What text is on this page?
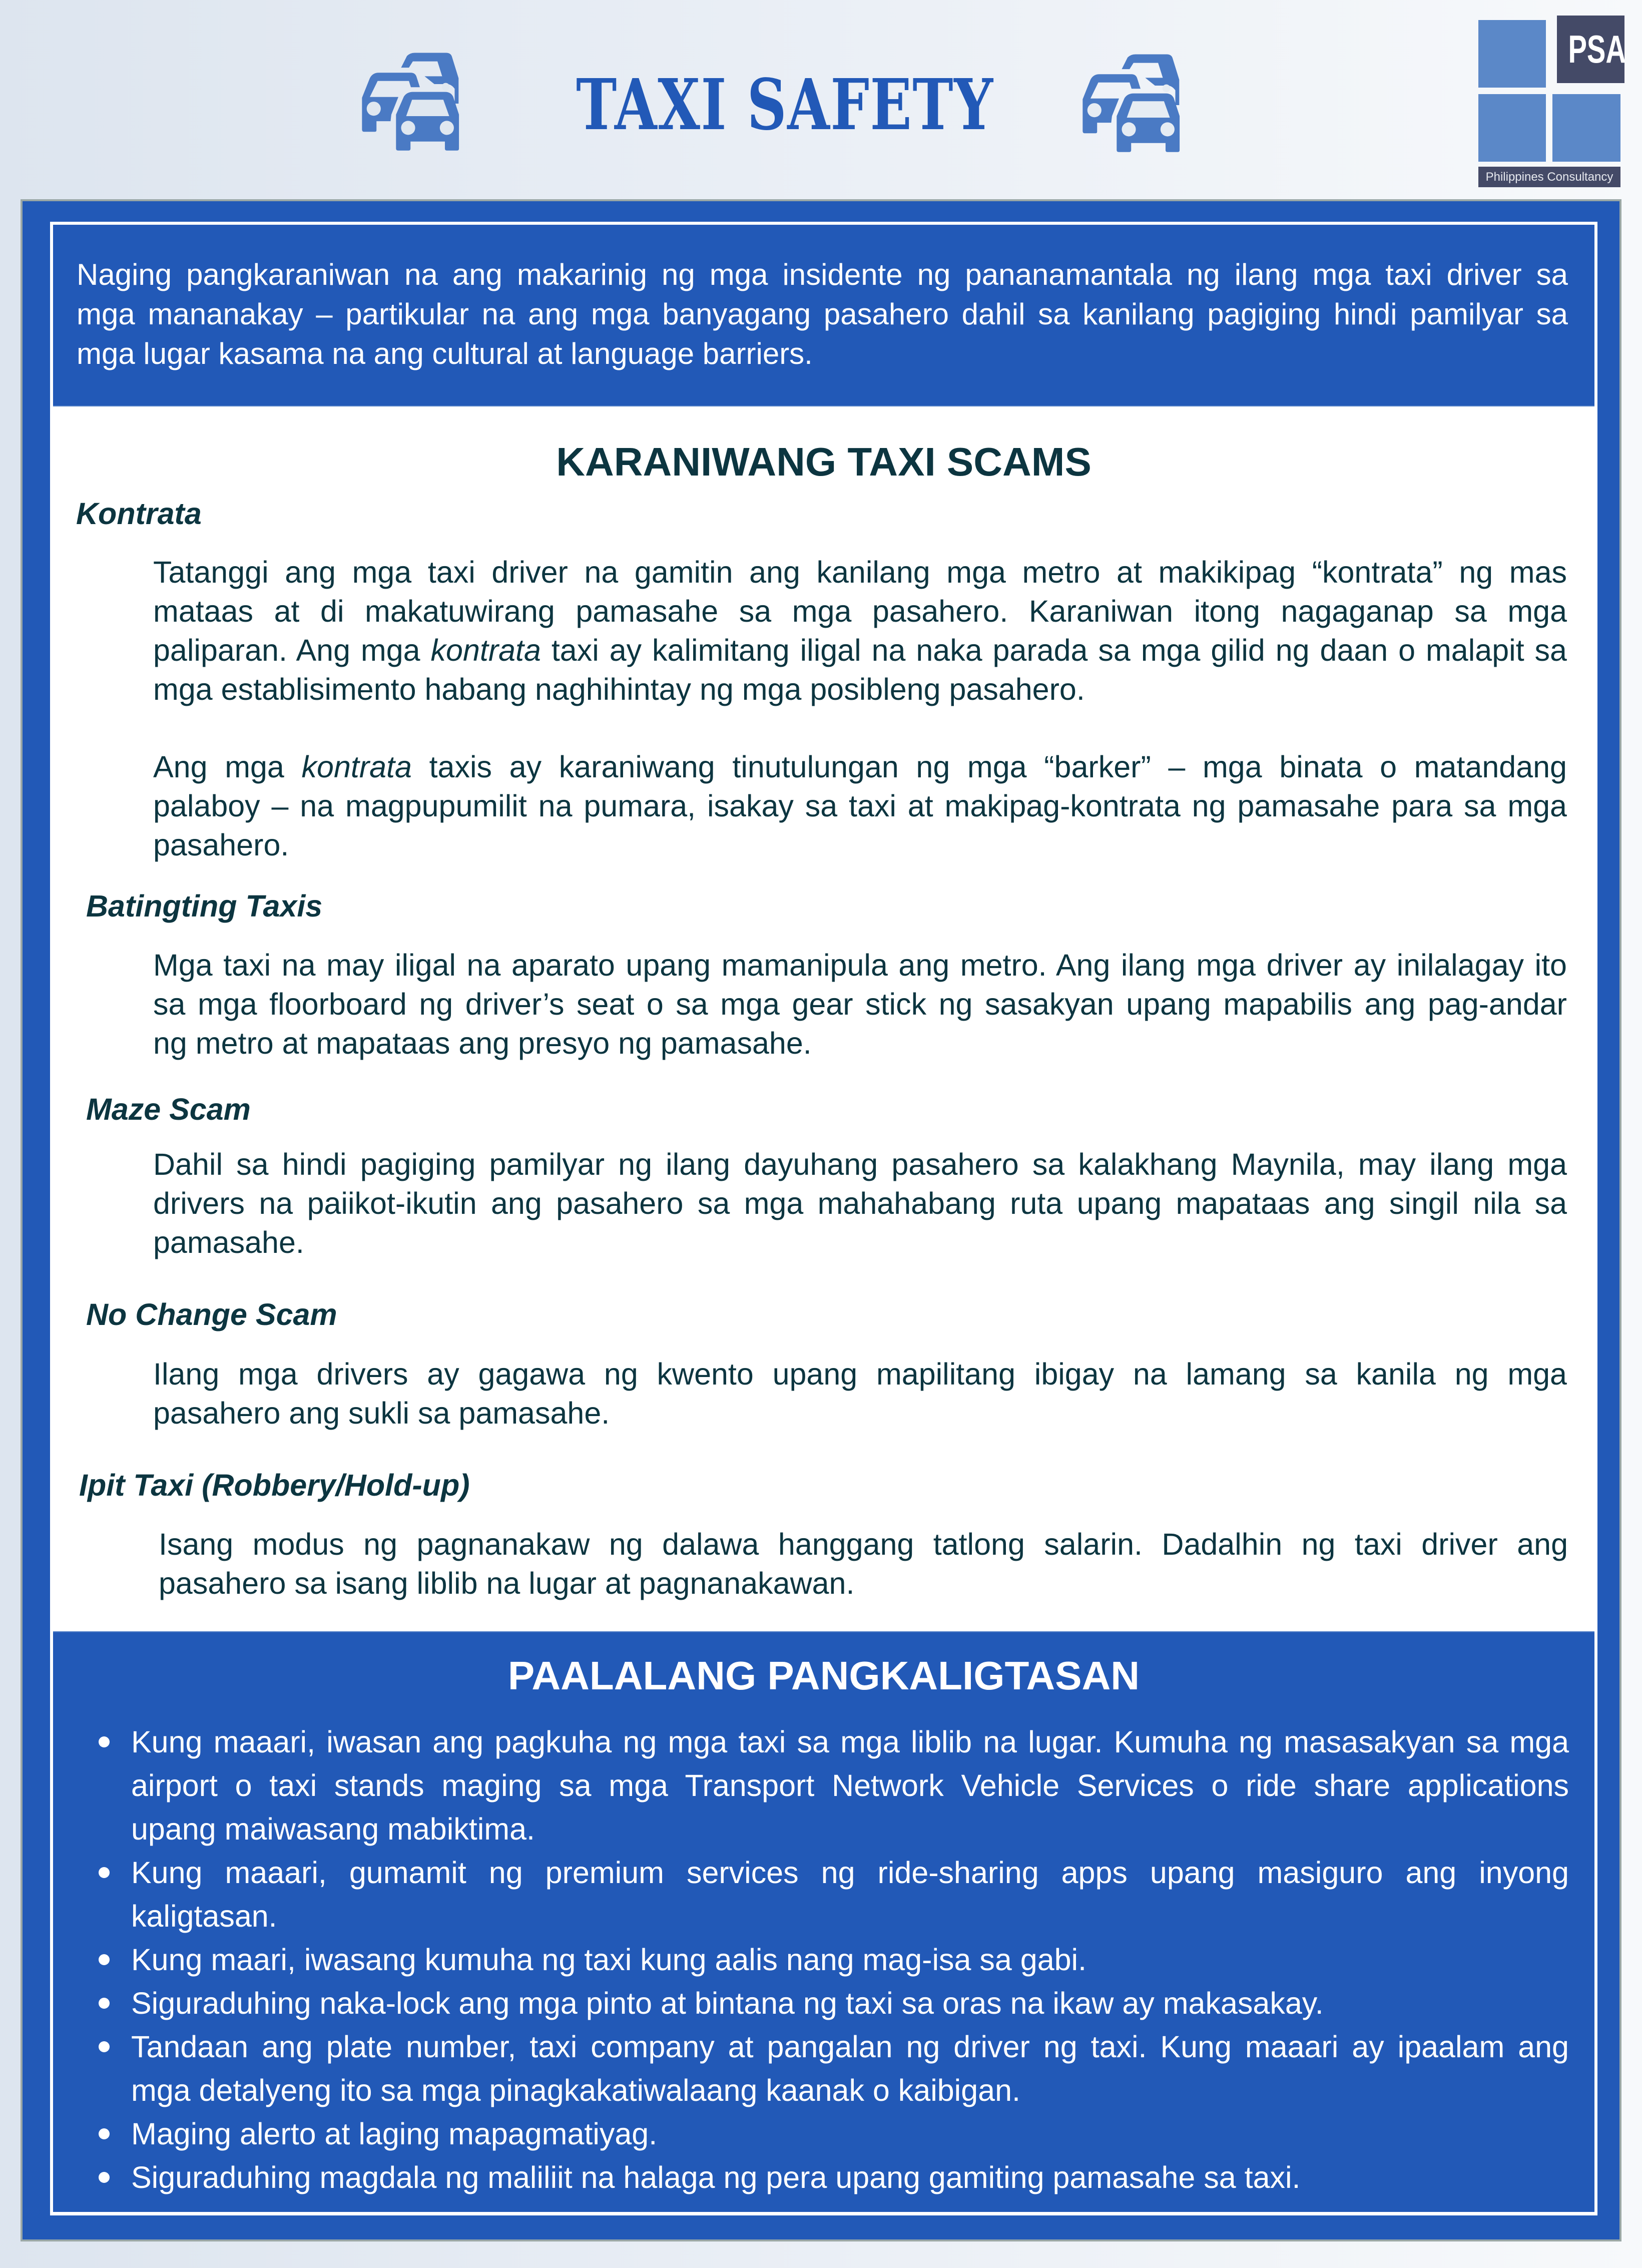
TAXI SAFETY
PSA
Philippines Consultancy
Naging pangkaraniwan na ang makarinig ng mga insidente ng pananamantala ng ilang mga taxi driver sa
mga mananakay – partikular na ang mga banyagang pasahero dahil sa kanilang pagiging hindi pamilyar sa
mga lugar kasama na ang cultural at language barriers.
KARANIWANG TAXI SCAMS
Kontrata
Tatanggi ang mga taxi driver na gamitin ang kanilang mga metro at makikipag “kontrata” ng mas
mataas at di makatuwirang pamasahe sa mga pasahero. Karaniwan itong nagaganap sa mga
paliparan. Ang mga kontrata taxi ay kalimitang iligal na naka parada sa mga gilid ng daan o malapit sa
mga establisimento habang naghihintay ng mga posibleng pasahero.
Ang mga kontrata taxis ay karaniwang tinutulungan ng mga “barker” – mga binata o matandang
palaboy – na magpupumilit na pumara, isakay sa taxi at makipag-kontrata ng pamasahe para sa mga
pasahero.
Batingting Taxis
Mga taxi na may iligal na aparato upang mamanipula ang metro. Ang ilang mga driver ay inilalagay ito
sa mga floorboard ng driver’s seat o sa mga gear stick ng sasakyan upang mapabilis ang pag-andar
ng metro at mapataas ang presyo ng pamasahe.
Maze Scam
Dahil sa hindi pagiging pamilyar ng ilang dayuhang pasahero sa kalakhang Maynila, may ilang mga
drivers na paiikot-ikutin ang pasahero sa mga mahahabang ruta upang mapataas ang singil nila sa
pamasahe.
No Change Scam
Ilang mga drivers ay gagawa ng kwento upang mapilitang ibigay na lamang sa kanila ng mga
pasahero ang sukli sa pamasahe.
Ipit Taxi (Robbery/Hold-up)
Isang modus ng pagnanakaw ng dalawa hanggang tatlong salarin. Dadalhin ng taxi driver ang
pasahero sa isang liblib na lugar at pagnanakawan.
PAALALANG PANGKALIGTASAN
Kung maaari, iwasan ang pagkuha ng mga taxi sa mga liblib na lugar. Kumuha ng masasakyan sa mga
airport o taxi stands maging sa mga Transport Network Vehicle Services o ride share applications
upang maiwasang mabiktima.
Kung maaari, gumamit ng premium services ng ride-sharing apps upang masiguro ang inyong
kaligtasan.
Kung maari, iwasang kumuha ng taxi kung aalis nang mag-isa sa gabi.
Siguraduhing naka-lock ang mga pinto at bintana ng taxi sa oras na ikaw ay makasakay.
Tandaan ang plate number, taxi company at pangalan ng driver ng taxi. Kung maaari ay ipaalam ang
mga detalyeng ito sa mga pinagkakatiwalaang kaanak o kaibigan.
Maging alerto at laging mapagmatiyag.
Siguraduhing magdala ng maliliit na halaga ng pera upang gamiting pamasahe sa taxi.
